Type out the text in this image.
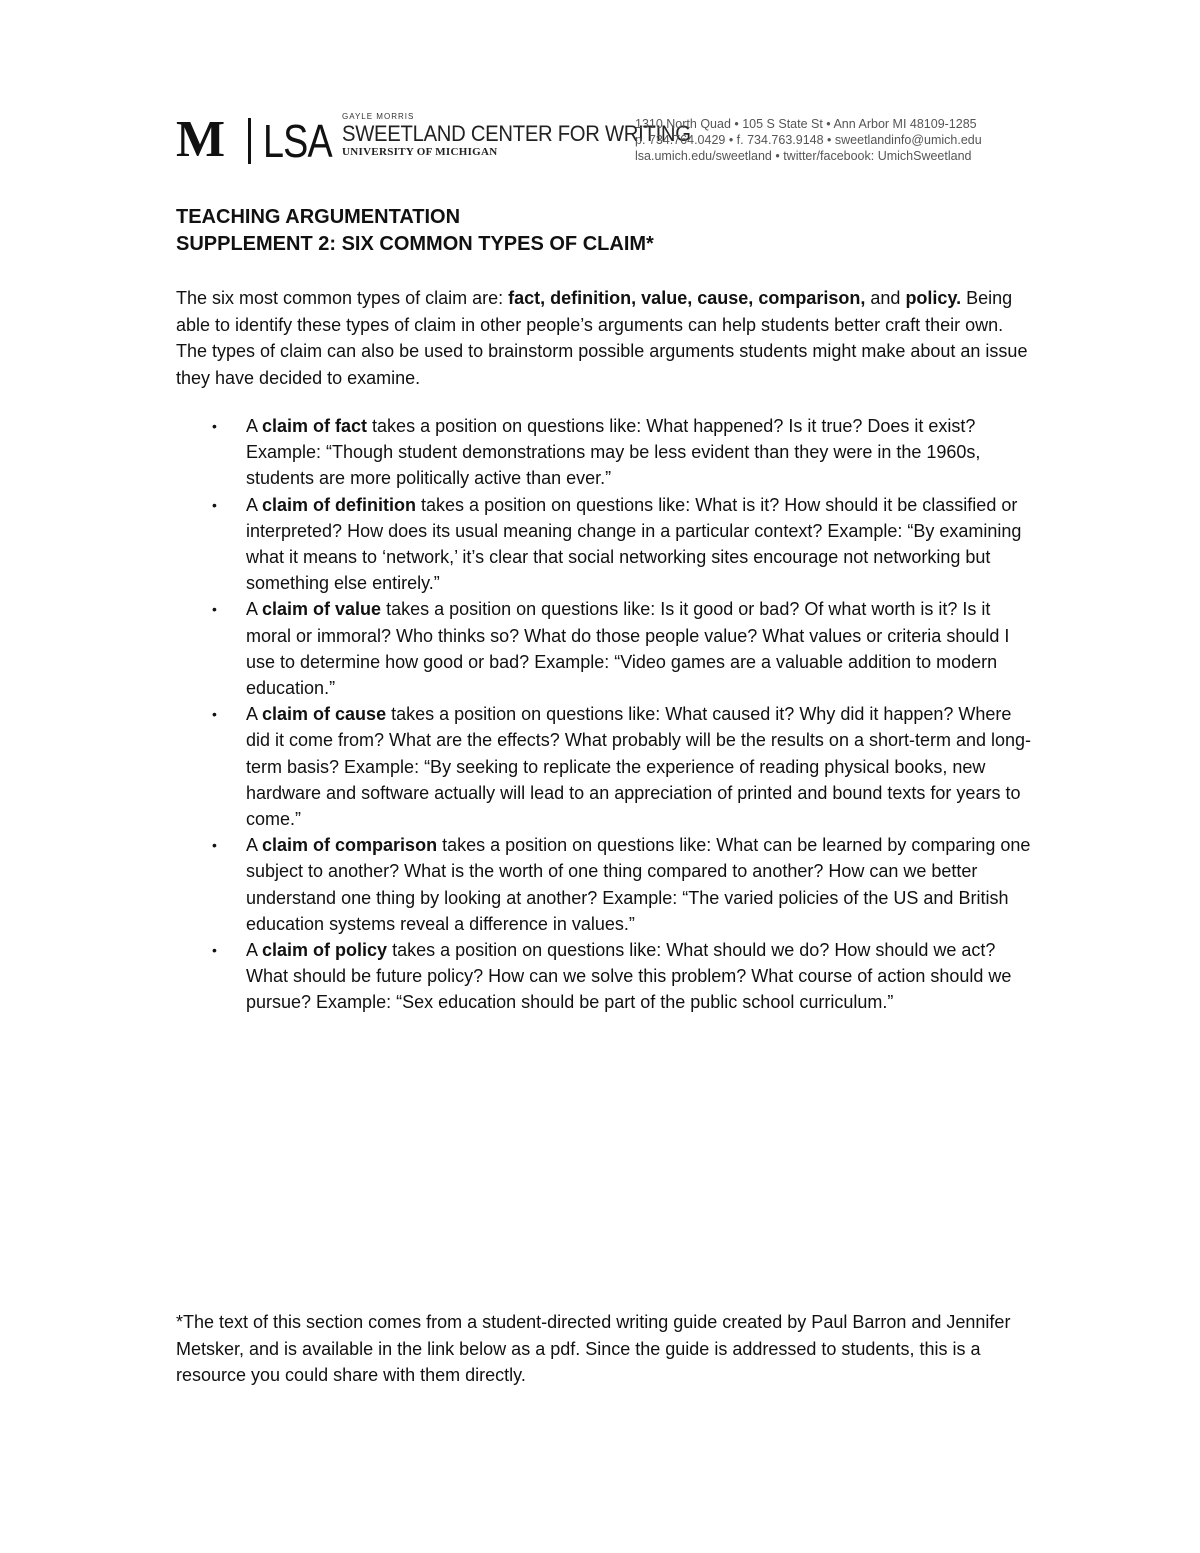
M LSA GAYLE MORRIS
SWEETLAND CENTER FOR WRITING
UNIVERSITY OF MICHIGAN
1310 North Quad • 105 S State St • Ann Arbor MI 48109-1285
p. 734.764.0429 • f. 734.763.9148 • sweetlandinfo@umich.edu
lsa.umich.edu/sweetland • twitter/facebook: UmichSweetland
TEACHING ARGUMENTATION
SUPPLEMENT 2: SIX COMMON TYPES OF CLAIM*

The six most common types of claim are: fact, definition, value, cause, comparison, and policy. Being able to identify these types of claim in other people’s arguments can help students better craft their own. The types of claim can also be used to brainstorm possible arguments students might make about an issue they have decided to examine.

• A claim of fact takes a position on questions like: What happened? Is it true? Does it exist? Example: “Though student demonstrations may be less evident than they were in the 1960s, students are more politically active than ever.”
• A claim of definition takes a position on questions like: What is it? How should it be classified or interpreted? How does its usual meaning change in a particular context? Example: “By examining what it means to ‘network,’ it’s clear that social networking sites encourage not networking but something else entirely.”
• A claim of value takes a position on questions like: Is it good or bad? Of what worth is it? Is it moral or immoral? Who thinks so? What do those people value? What values or criteria should I use to determine how good or bad? Example: “Video games are a valuable addition to modern education.”
• A claim of cause takes a position on questions like: What caused it? Why did it happen? Where did it come from? What are the effects? What probably will be the results on a short-term and long-term basis? Example: “By seeking to replicate the experience of reading physical books, new hardware and software actually will lead to an appreciation of printed and bound texts for years to come.”
• A claim of comparison takes a position on questions like: What can be learned by comparing one subject to another? What is the worth of one thing compared to another? How can we better understand one thing by looking at another? Example: “The varied policies of the US and British education systems reveal a difference in values.”
• A claim of policy takes a position on questions like: What should we do? How should we act? What should be future policy? How can we solve this problem? What course of action should we pursue? Example: “Sex education should be part of the public school curriculum.”

*The text of this section comes from a student-directed writing guide created by Paul Barron and Jennifer Metsker, and is available in the link below as a pdf. Since the guide is addressed to students, this is a resource you could share with them directly.
